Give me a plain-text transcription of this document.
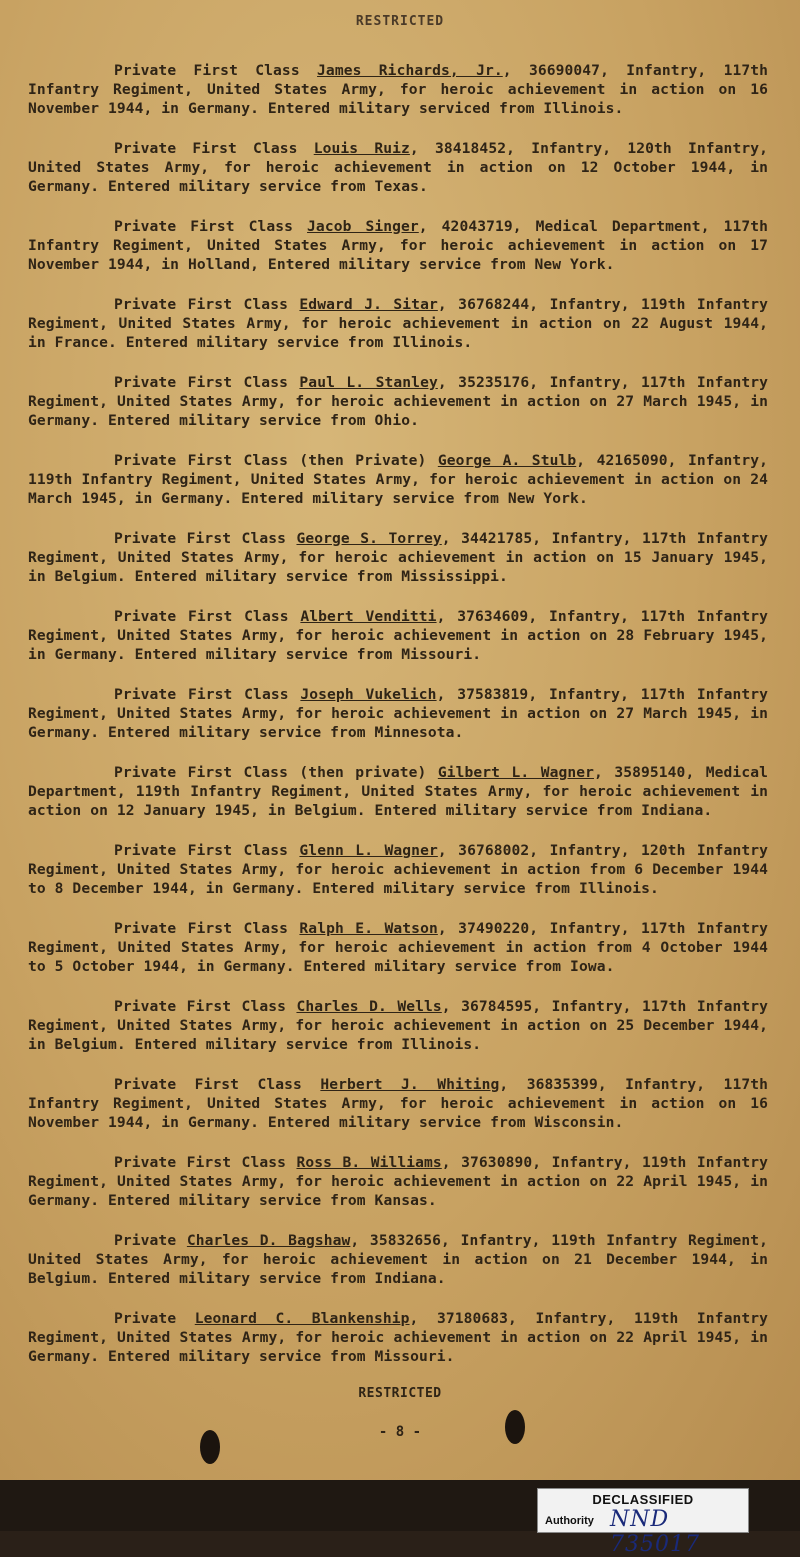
RESTRICTED

Private First Class James Richards, Jr., 36690047, Infantry, 117th Infantry Regiment, United States Army, for heroic achievement in action on 16 November 1944, in Germany. Entered military serviced from Illinois.

Private First Class Louis Ruiz, 38418452, Infantry, 120th Infantry, United States Army, for heroic achievement in action on 12 October 1944, in Germany. Entered military service from Texas.

Private First Class Jacob Singer, 42043719, Medical Department, 117th Infantry Regiment, United States Army, for heroic achievement in action on 17 November 1944, in Holland, Entered military service from New York.

Private First Class Edward J. Sitar, 36768244, Infantry, 119th Infantry Regiment, United States Army, for heroic achievement in action on 22 August 1944, in France. Entered military service from Illinois.

Private First Class Paul L. Stanley, 35235176, Infantry, 117th Infantry Regiment, United States Army, for heroic achievement in action on 27 March 1945, in Germany. Entered military service from Ohio.

Private First Class (then Private) George A. Stulb, 42165090, Infantry, 119th Infantry Regiment, United States Army, for heroic achievement in action on 24 March 1945, in Germany. Entered military service from New York.

Private First Class George S. Torrey, 34421785, Infantry, 117th Infantry Regiment, United States Army, for heroic achievement in action on 15 January 1945, in Belgium. Entered military service from Mississippi.

Private First Class Albert Venditti, 37634609, Infantry, 117th Infantry Regiment, United States Army, for heroic achievement in action on 28 February 1945, in Germany. Entered military service from Missouri.

Private First Class Joseph Vukelich, 37583819, Infantry, 117th Infantry Regiment, United States Army, for heroic achievement in action on 27 March 1945, in Germany. Entered military service from Minnesota.

Private First Class (then private) Gilbert L. Wagner, 35895140, Medical Department, 119th Infantry Regiment, United States Army, for heroic achievement in action on 12 January 1945, in Belgium. Entered military service from Indiana.

Private First Class Glenn L. Wagner, 36768002, Infantry, 120th Infantry Regiment, United States Army, for heroic achievement in action from 6 December 1944 to 8 December 1944, in Germany. Entered military service from Illinois.

Private First Class Ralph E. Watson, 37490220, Infantry, 117th Infantry Regiment, United States Army, for heroic achievement in action from 4 October 1944 to 5 October 1944, in Germany. Entered military service from Iowa.

Private First Class Charles D. Wells, 36784595, Infantry, 117th Infantry Regiment, United States Army, for heroic achievement in action on 25 December 1944, in Belgium. Entered military service from Illinois.

Private First Class Herbert J. Whiting, 36835399, Infantry, 117th Infantry Regiment, United States Army, for heroic achievement in action on 16 November 1944, in Germany. Entered military service from Wisconsin.

Private First Class Ross B. Williams, 37630890, Infantry, 119th Infantry Regiment, United States Army, for heroic achievement in action on 22 April 1945, in Germany. Entered military service from Kansas.

Private Charles D. Bagshaw, 35832656, Infantry, 119th Infantry Regiment, United States Army, for heroic achievement in action on 21 December 1944, in Belgium. Entered military service from Indiana.

Private Leonard C. Blankenship, 37180683, Infantry, 119th Infantry Regiment, United States Army, for heroic achievement in action on 22 April 1945, in Germany. Entered military service from Missouri.

RESTRICTED
- 8 -
DECLASSIFIED
Authority NND 735017
